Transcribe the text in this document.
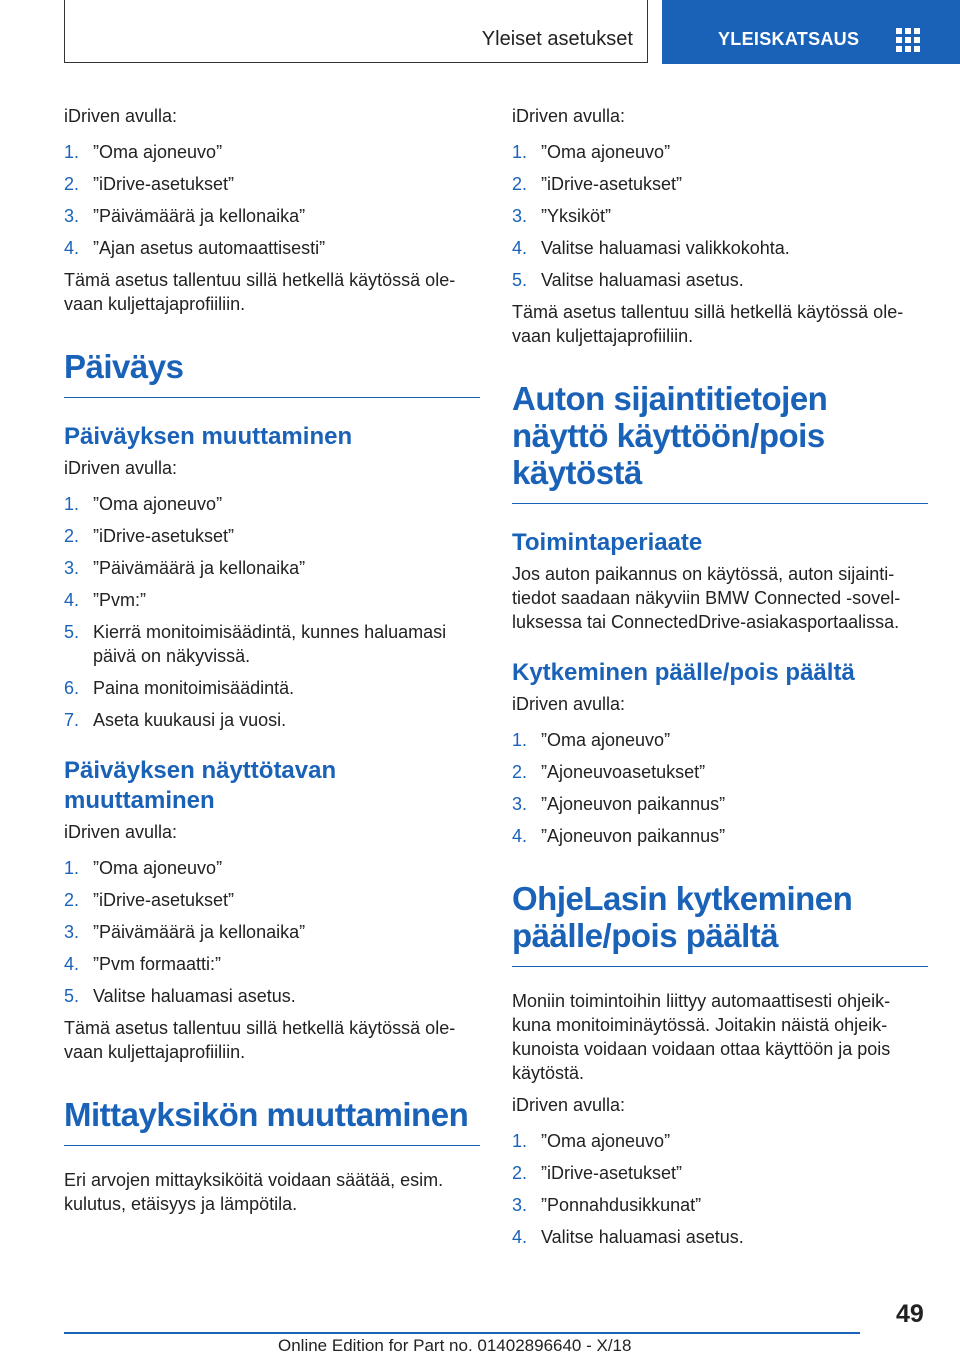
Yleiset asetukset	YLEISKATSAUS

iDriven avulla:

1. ”Oma ajoneuvo”
2. ”iDrive-asetukset”
3. ”Päivämäärä ja kellonaika”
4. ”Ajan asetus automaattisesti”

Tämä asetus tallentuu sillä hetkellä käytössä ole-vaan kuljettajaprofiiliin.

Päiväys
Päiväyksen muuttaminen

iDriven avulla:

1. ”Oma ajoneuvo”
2. ”iDrive-asetukset”
3. ”Päivämäärä ja kellonaika”
4. ”Pvm:”
5. Kierrä monitoimisäädintä, kunnes haluamasi päivä on näkyvissä.
6. Paina monitoimisäädintä.
7. Aseta kuukausi ja vuosi.
Päiväyksen näyttötavan muuttaminen

iDriven avulla:

1. ”Oma ajoneuvo”
2. ”iDrive-asetukset”
3. ”Päivämäärä ja kellonaika”
4. ”Pvm formaatti:”
5. Valitse haluamasi asetus.

Tämä asetus tallentuu sillä hetkellä käytössä ole-vaan kuljettajaprofiiliin.

Mittayksikön muuttaminen

Eri arvojen mittayksiköitä voidaan säätää, esim. kulutus, etäisyys ja lämpötila.

iDriven avulla:

1. ”Oma ajoneuvo”
2. ”iDrive-asetukset”
3. ”Yksiköt”
4. Valitse haluamasi valikkokohta.
5. Valitse haluamasi asetus.

Tämä asetus tallentuu sillä hetkellä käytössä ole-vaan kuljettajaprofiiliin.

Auton sijaintitietojen näyttö käyttöön/pois käytöstä
Toimintaperiaate

Jos auton paikannus on käytössä, auton sijainti-tiedot saadaan näkyviin BMW Connected -sovel-luksessa tai ConnectedDrive-asiakasportaalissa.

Kytkeminen päälle/pois päältä

iDriven avulla:

1. ”Oma ajoneuvo”
2. ”Ajoneuvoasetukset”
3. ”Ajoneuvon paikannus”
4. ”Ajoneuvon paikannus”
OhjeLasin kytkeminen päälle/pois päältä

Moniin toimintoihin liittyy automaattisesti ohjeik-kuna monitoiminäytössä. Joitakin näistä ohjeik-kunoista voidaan voidaan ottaa käyttöön ja pois käytöstä.

iDriven avulla:

1. ”Oma ajoneuvo”
2. ”iDrive-asetukset”
3. ”Ponnahdusikkunat”
4. Valitse haluamasi asetus.
49
Online Edition for Part no. 01402896640 - X/18
